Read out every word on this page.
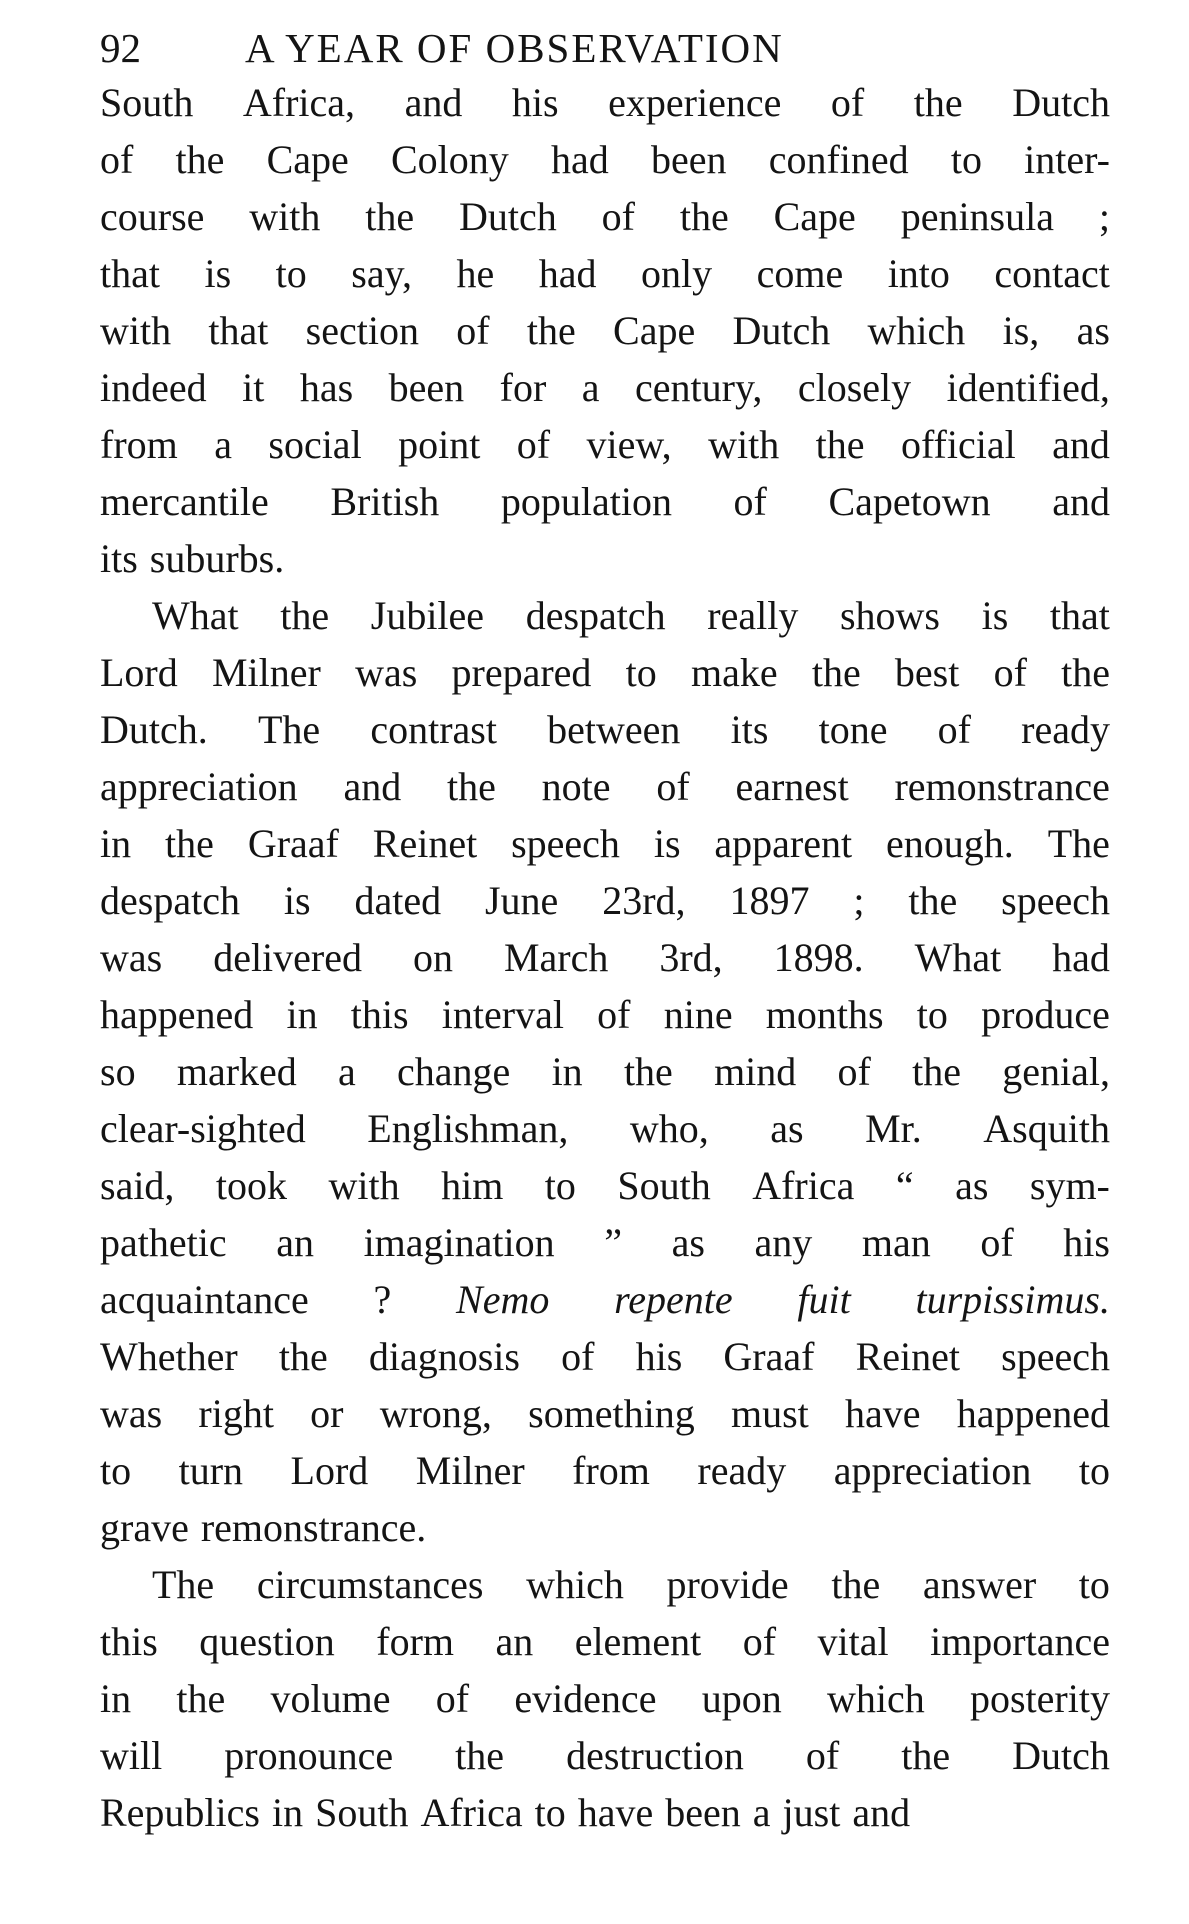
92	A YEAR OF OBSERVATION
South Africa, and his experience of the Dutch
of the Cape Colony had been confined to inter-
course with the Dutch of the Cape peninsula ;
that is to say, he had only come into contact
with that section of the Cape Dutch which is, as
indeed it has been for a century, closely identified,
from a social point of view, with the official and
mercantile British population of Capetown and
its suburbs.
What the Jubilee despatch really shows is that
Lord Milner was prepared to make the best of the
Dutch. The contrast between its tone of ready
appreciation and the note of earnest remonstrance
in the Graaf Reinet speech is apparent enough. The
despatch is dated June 23rd, 1897 ; the speech
was delivered on March 3rd, 1898. What had
happened in this interval of nine months to produce
so marked a change in the mind of the genial,
clear-sighted Englishman, who, as Mr. Asquith
said, took with him to South Africa “ as sym-
pathetic an imagination ” as any man of his
acquaintance ? Nemo repente fuit turpissimus.
Whether the diagnosis of his Graaf Reinet speech
was right or wrong, something must have happened
to turn Lord Milner from ready appreciation to
grave remonstrance.
The circumstances which provide the answer to
this question form an element of vital importance
in the volume of evidence upon which posterity
will pronounce the destruction of the Dutch
Republics in South Africa to have been a just and
